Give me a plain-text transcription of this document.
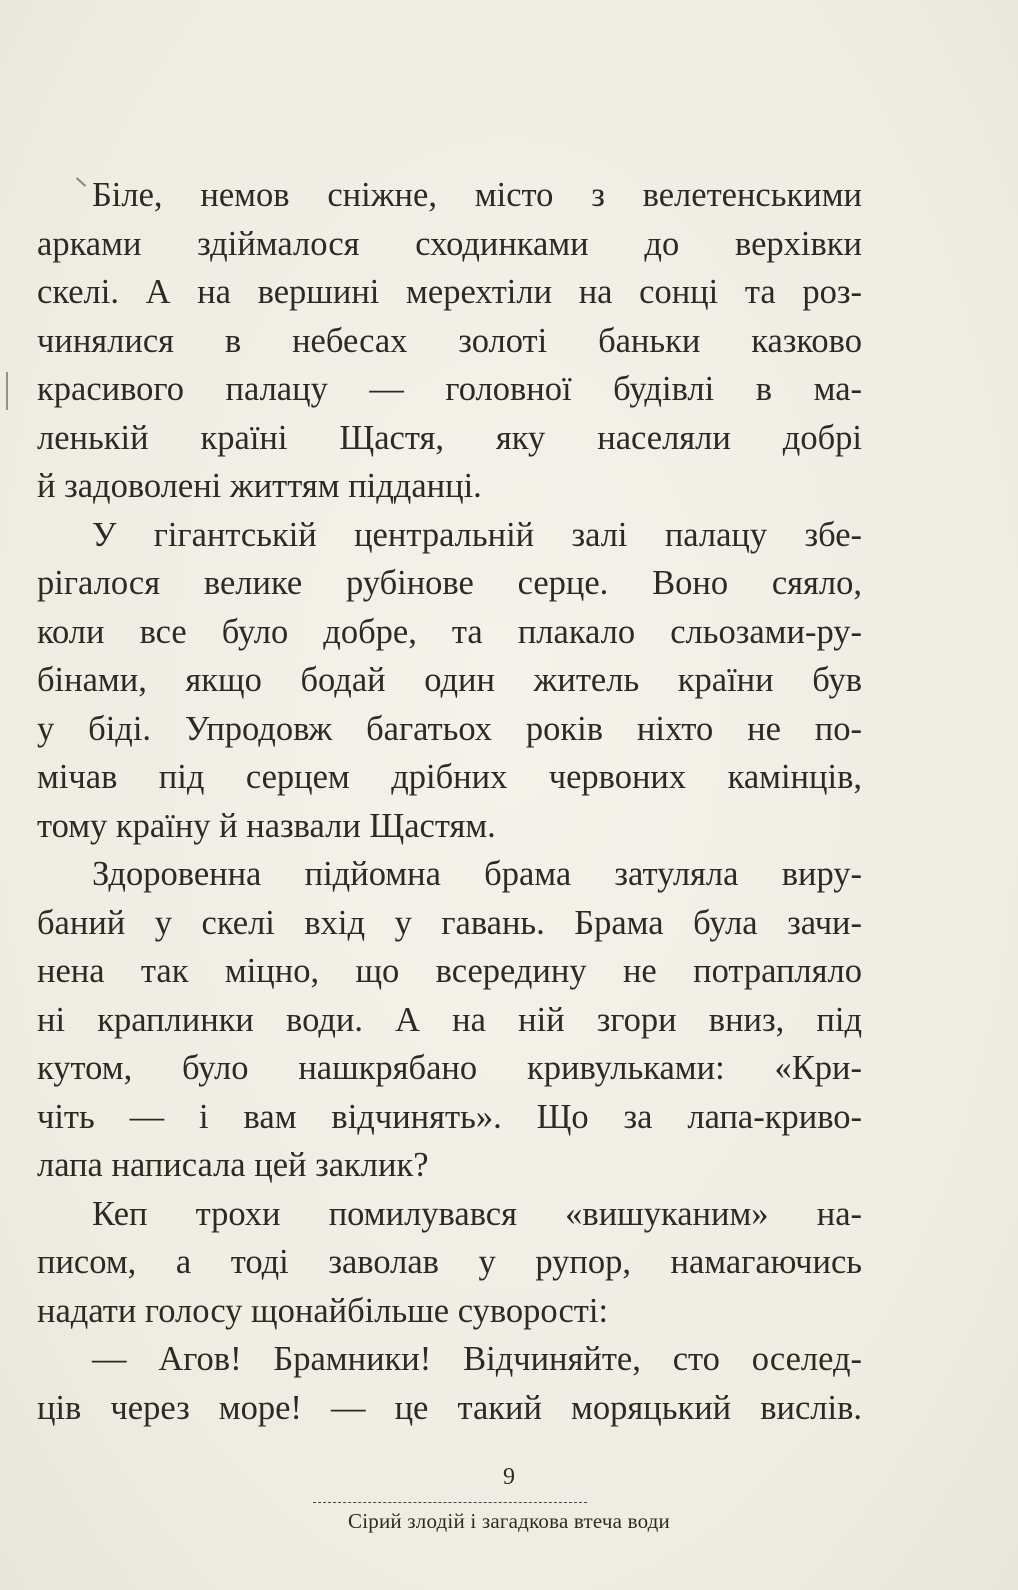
Біле, немов сніжне, місто з велетенськими
арками здіймалося сходинками до верхівки
скелі. А на вершині мерехтіли на сонці та роз-
чинялися в небесах золоті баньки казково
красивого палацу — головної будівлі в ма-
ленькій країні Щастя, яку населяли добрі
й задоволені життям підданці.
У гігантській центральній залі палацу збе-
рігалося велике рубінове серце. Воно сяяло,
коли все було добре, та плакало сльозами-ру-
бінами, якщо бодай один житель країни був
у біді. Упродовж багатьох років ніхто не по-
мічав під серцем дрібних червоних камінців,
тому країну й назвали Щастям.
Здоровенна підйомна брама затуляла виру-
баний у скелі вхід у гавань. Брама була зачи-
нена так міцно, що всередину не потрапляло
ні краплинки води. А на ній згори вниз, під
кутом, було нашкрябано кривульками: «Кри-
чіть — і вам відчинять». Що за лапа-криво-
лапа написала цей заклик?
Кеп трохи помилувався «вишуканим» на-
писом, а тоді заволав у рупор, намагаючись
надати голосу щонайбільше суворості:
— Агов! Брамники! Відчиняйте, сто оселед-
ців через море! — це такий моряцький вислів.
9
Сірий злодій і загадкова втеча води
